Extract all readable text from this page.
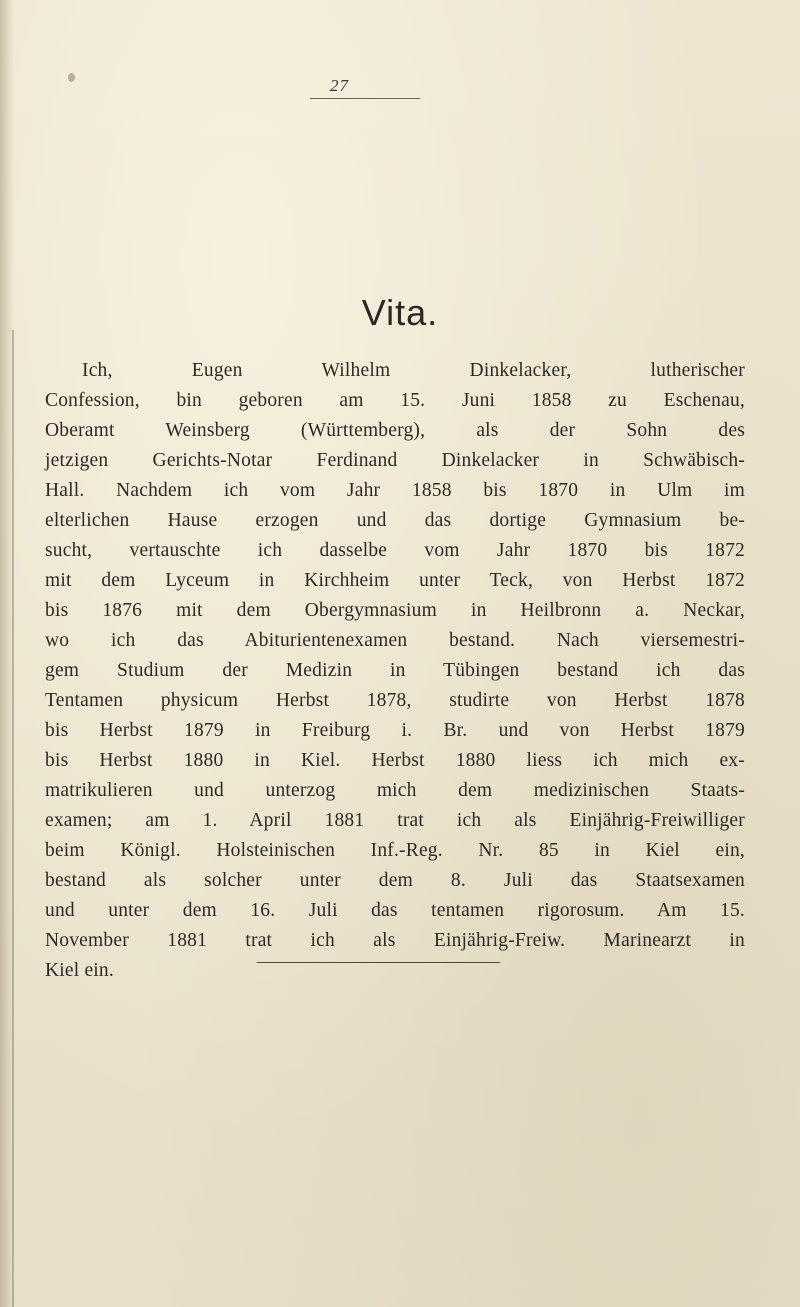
27
Vita.
Ich, Eugen Wilhelm Dinkelacker, lutherischer
Confession, bin geboren am 15. Juni 1858 zu Eschenau,
Oberamt Weinsberg (Württemberg), als der Sohn des
jetzigen Gerichts-Notar Ferdinand Dinkelacker in Schwäbisch-
Hall. Nachdem ich vom Jahr 1858 bis 1870 in Ulm im
elterlichen Hause erzogen und das dortige Gymnasium be-
sucht, vertauschte ich dasselbe vom Jahr 1870 bis 1872
mit dem Lyceum in Kirchheim unter Teck, von Herbst 1872
bis 1876 mit dem Obergymnasium in Heilbronn a. Neckar,
wo ich das Abiturientenexamen bestand. Nach viersemestri-
gem Studium der Medizin in Tübingen bestand ich das
Tentamen physicum Herbst 1878, studirte von Herbst 1878
bis Herbst 1879 in Freiburg i. Br. und von Herbst 1879
bis Herbst 1880 in Kiel. Herbst 1880 liess ich mich ex-
matrikulieren und unterzog mich dem medizinischen Staats-
examen; am 1. April 1881 trat ich als Einjährig-Freiwilliger
beim Königl. Holsteinischen Inf.-Reg. Nr. 85 in Kiel ein,
bestand als solcher unter dem 8. Juli das Staatsexamen
und unter dem 16. Juli das tentamen rigorosum. Am 15.
November 1881 trat ich als Einjährig-Freiw. Marinearzt in
Kiel ein.
